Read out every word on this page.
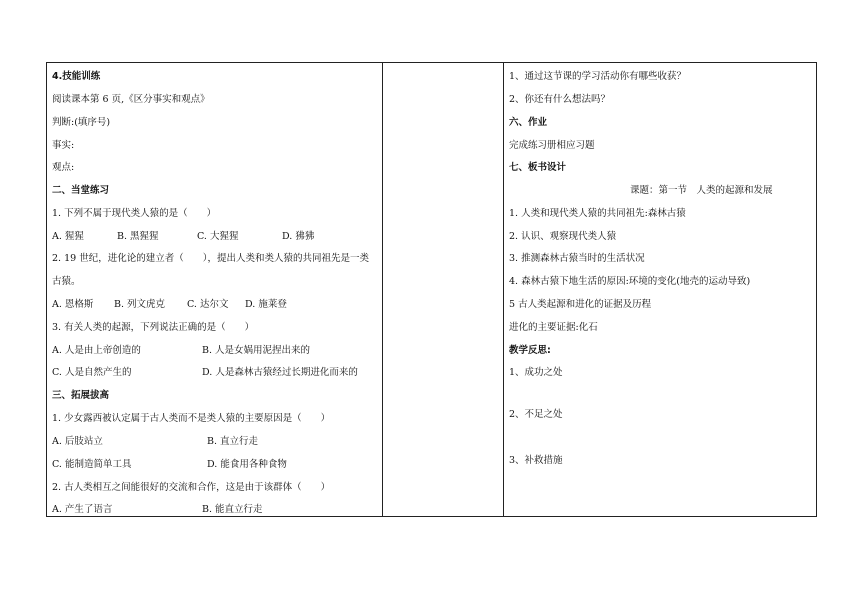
4.技能训练
阅读课本第 6 页,《区分事实和观点》
判断:(填序号)
事实:
观点:
二、当堂练习
1. 下列不属于现代类人猿的是（　　）
A. 猩猩	B. 黑猩猩	C. 大猩猩	D. 狒狒
2. 19 世纪，进化论的建立者（　　），提出人类和类人猿的共同祖先是一类
古猿。
A. 恩格斯 B. 列文虎克 C. 达尔文 D. 施莱登
3. 有关人类的起源，下列说法正确的是（　　）
A. 人是由上帝创造的	B. 人是女娲用泥捏出来的
C. 人是自然产生的	D. 人是森林古猿经过长期进化而来的
三、拓展拔高
1. 少女露西被认定属于古人类而不是类人猿的主要原因是（　　）
A. 后肢站立	B. 直立行走
C. 能制造简单工具	D. 能食用各种食物
2. 古人类相互之间能很好的交流和合作，这是由于该群体（　　）
A. 产生了语言	B. 能直立行走
1、通过这节课的学习活动你有哪些收获？
2、你还有什么想法吗？
六、作业
完成练习册相应习题
七、板书设计
课题：第一节　人类的起源和发展
1. 人类和现代类人猿的共同祖先:森林古猿
2. 认识、观察现代类人猿
3. 推测森林古猿当时的生活状况
4. 森林古猿下地生活的原因:环境的变化(地壳的运动导致)
5 古人类起源和进化的证据及历程
进化的主要证据:化石
教学反思:
1、成功之处
2、不足之处
3、补救措施
